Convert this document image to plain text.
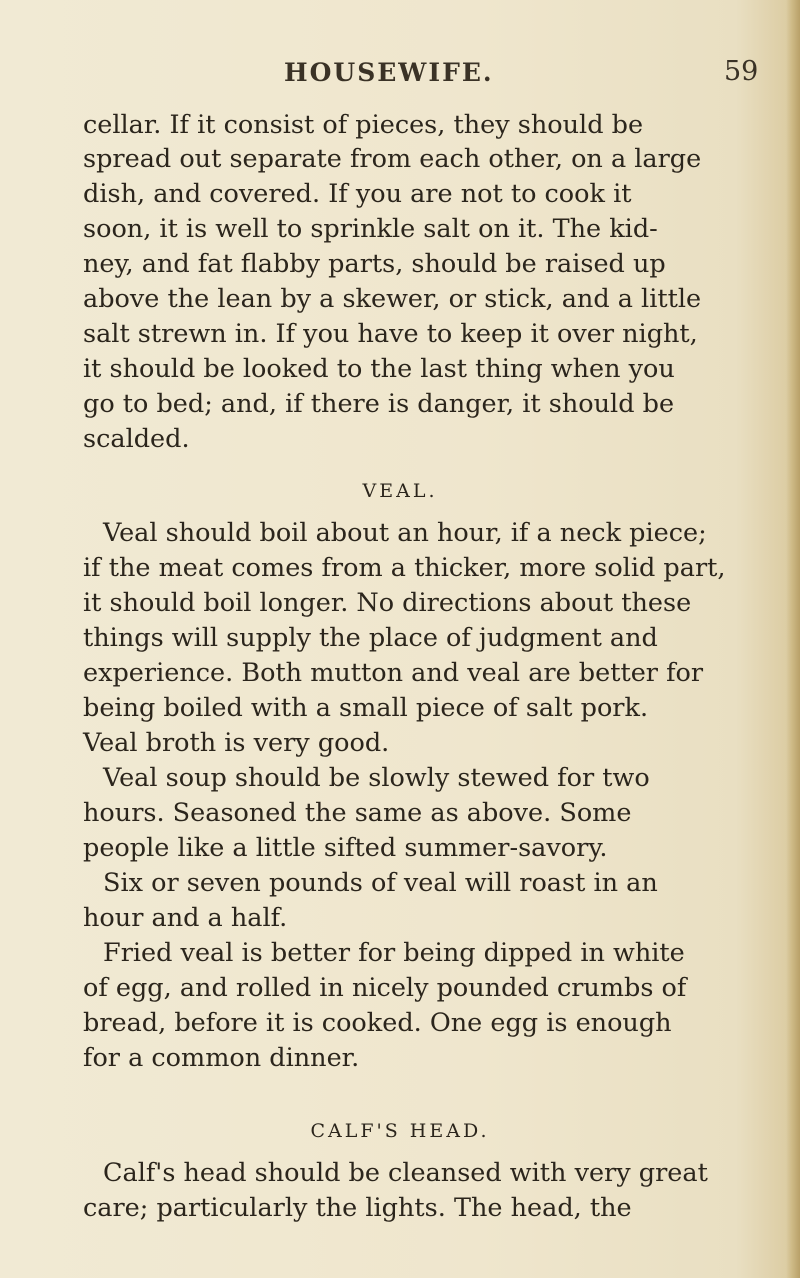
HOUSEWIFE.	59
cellar. If it consist of pieces, they should be
spread out separate from each other, on a large
dish, and covered. If you are not to cook it
soon, it is well to sprinkle salt on it. The kid-
ney, and fat flabby parts, should be raised up
above the lean by a skewer, or stick, and a little
salt strewn in. If you have to keep it over night,
it should be looked to the last thing when you
go to bed; and, if there is danger, it should be
scalded.
VEAL.
Veal should boil about an hour, if a neck piece;
if the meat comes from a thicker, more solid part,
it should boil longer. No directions about these
things will supply the place of judgment and
experience. Both mutton and veal are better for
being boiled with a small piece of salt pork.
Veal broth is very good.
Veal soup should be slowly stewed for two
hours. Seasoned the same as above. Some
people like a little sifted summer-savory.
Six or seven pounds of veal will roast in an
hour and a half.
Fried veal is better for being dipped in white
of egg, and rolled in nicely pounded crumbs of
bread, before it is cooked. One egg is enough
for a common dinner.
CALF'S HEAD.
Calf's head should be cleansed with very great
care; particularly the lights. The head, the
